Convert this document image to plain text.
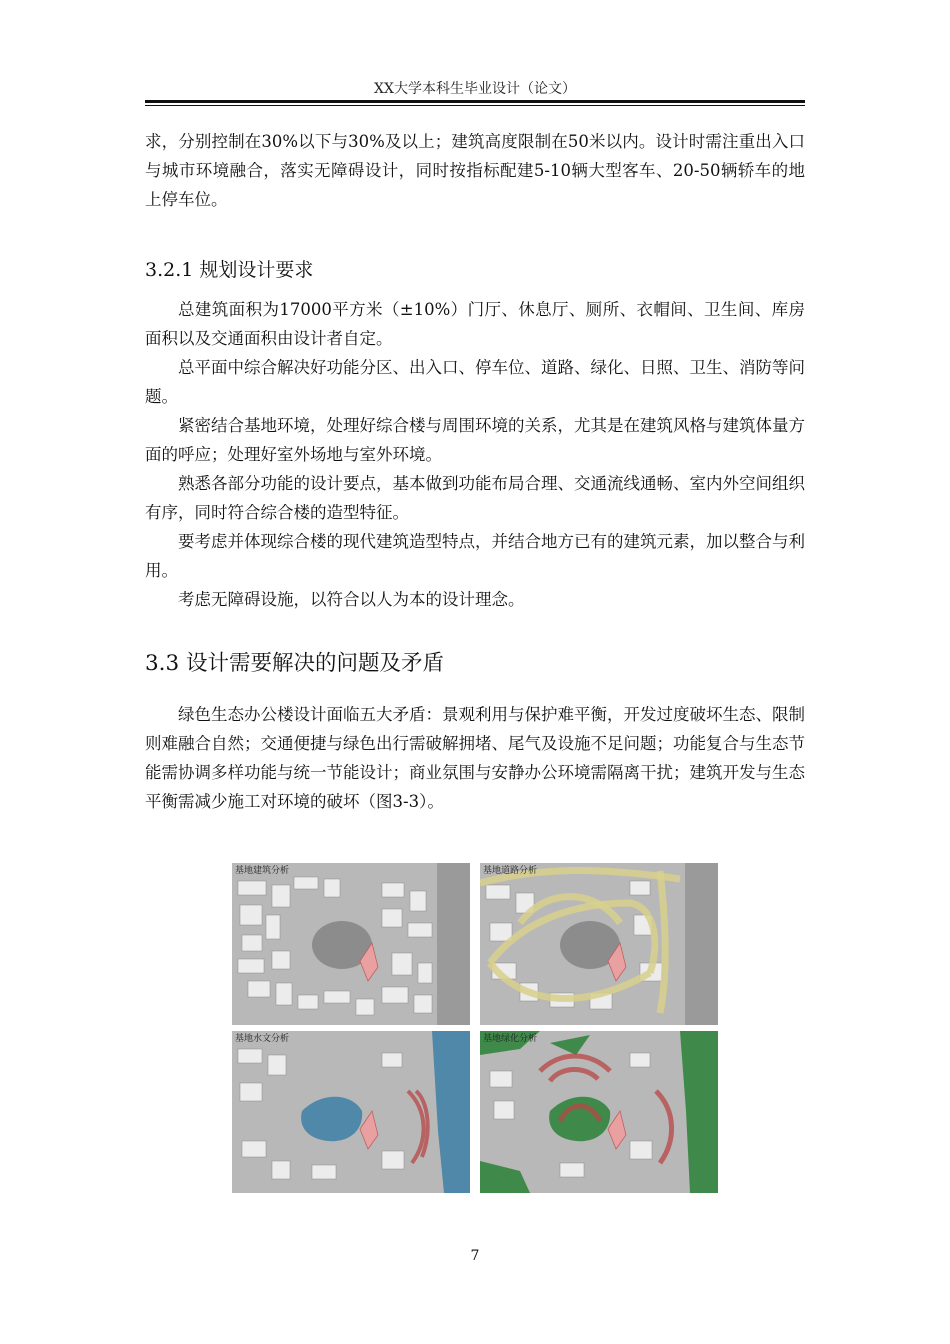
XX大学本科生毕业设计（论文）

求，分别控制在30%以下与30%及以上；建筑高度限制在50米以内。设计时需注重出入口与城市环境融合，落实无障碍设计，同时按指标配建5-10辆大型客车、20-50辆轿车的地上停车位。

3.2.1 规划设计要求

总建筑面积为17000平方米（±10%）门厅、休息厅、厕所、衣帽间、卫生间、库房面积以及交通面积由设计者自定。

总平面中综合解决好功能分区、出入口、停车位、道路、绿化、日照、卫生、消防等问题。

紧密结合基地环境，处理好综合楼与周围环境的关系，尤其是在建筑风格与建筑体量方面的呼应；处理好室外场地与室外环境。

熟悉各部分功能的设计要点，基本做到功能布局合理、交通流线通畅、室内外空间组织有序，同时符合综合楼的造型特征。

要考虑并体现综合楼的现代建筑造型特点，并结合地方已有的建筑元素，加以整合与利用。

考虑无障碍设施，以符合以人为本的设计理念。

3.3 设计需要解决的问题及矛盾

绿色生态办公楼设计面临五大矛盾：景观利用与保护难平衡，开发过度破坏生态、限制则难融合自然；交通便捷与绿色出行需破解拥堵、尾气及设施不足问题；功能复合与生态节能需协调多样功能与统一节能设计；商业氛围与安静办公环境需隔离干扰；建筑开发与生态平衡需减少施工对环境的破坏（图3-3）。

基地建筑分析	基地道路分析
基地水文分析	基地绿化分析
7
